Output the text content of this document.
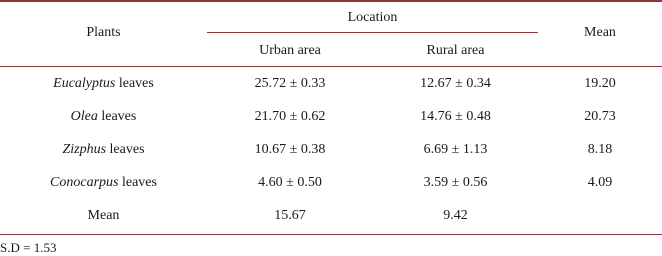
Plants
Location
Mean
Urban area	Rural area
Eucalyptus leaves	25.72 ± 0.33	12.67 ± 0.34	19.20
Olea leaves	21.70 ± 0.62	14.76 ± 0.48	20.73
Zizphus leaves	10.67 ± 0.38	6.69 ± 1.13	8.18
Conocarpus leaves	4.60 ± 0.50	3.59 ± 0.56	4.09
Mean	15.67	9.42
S.D = 1.53
